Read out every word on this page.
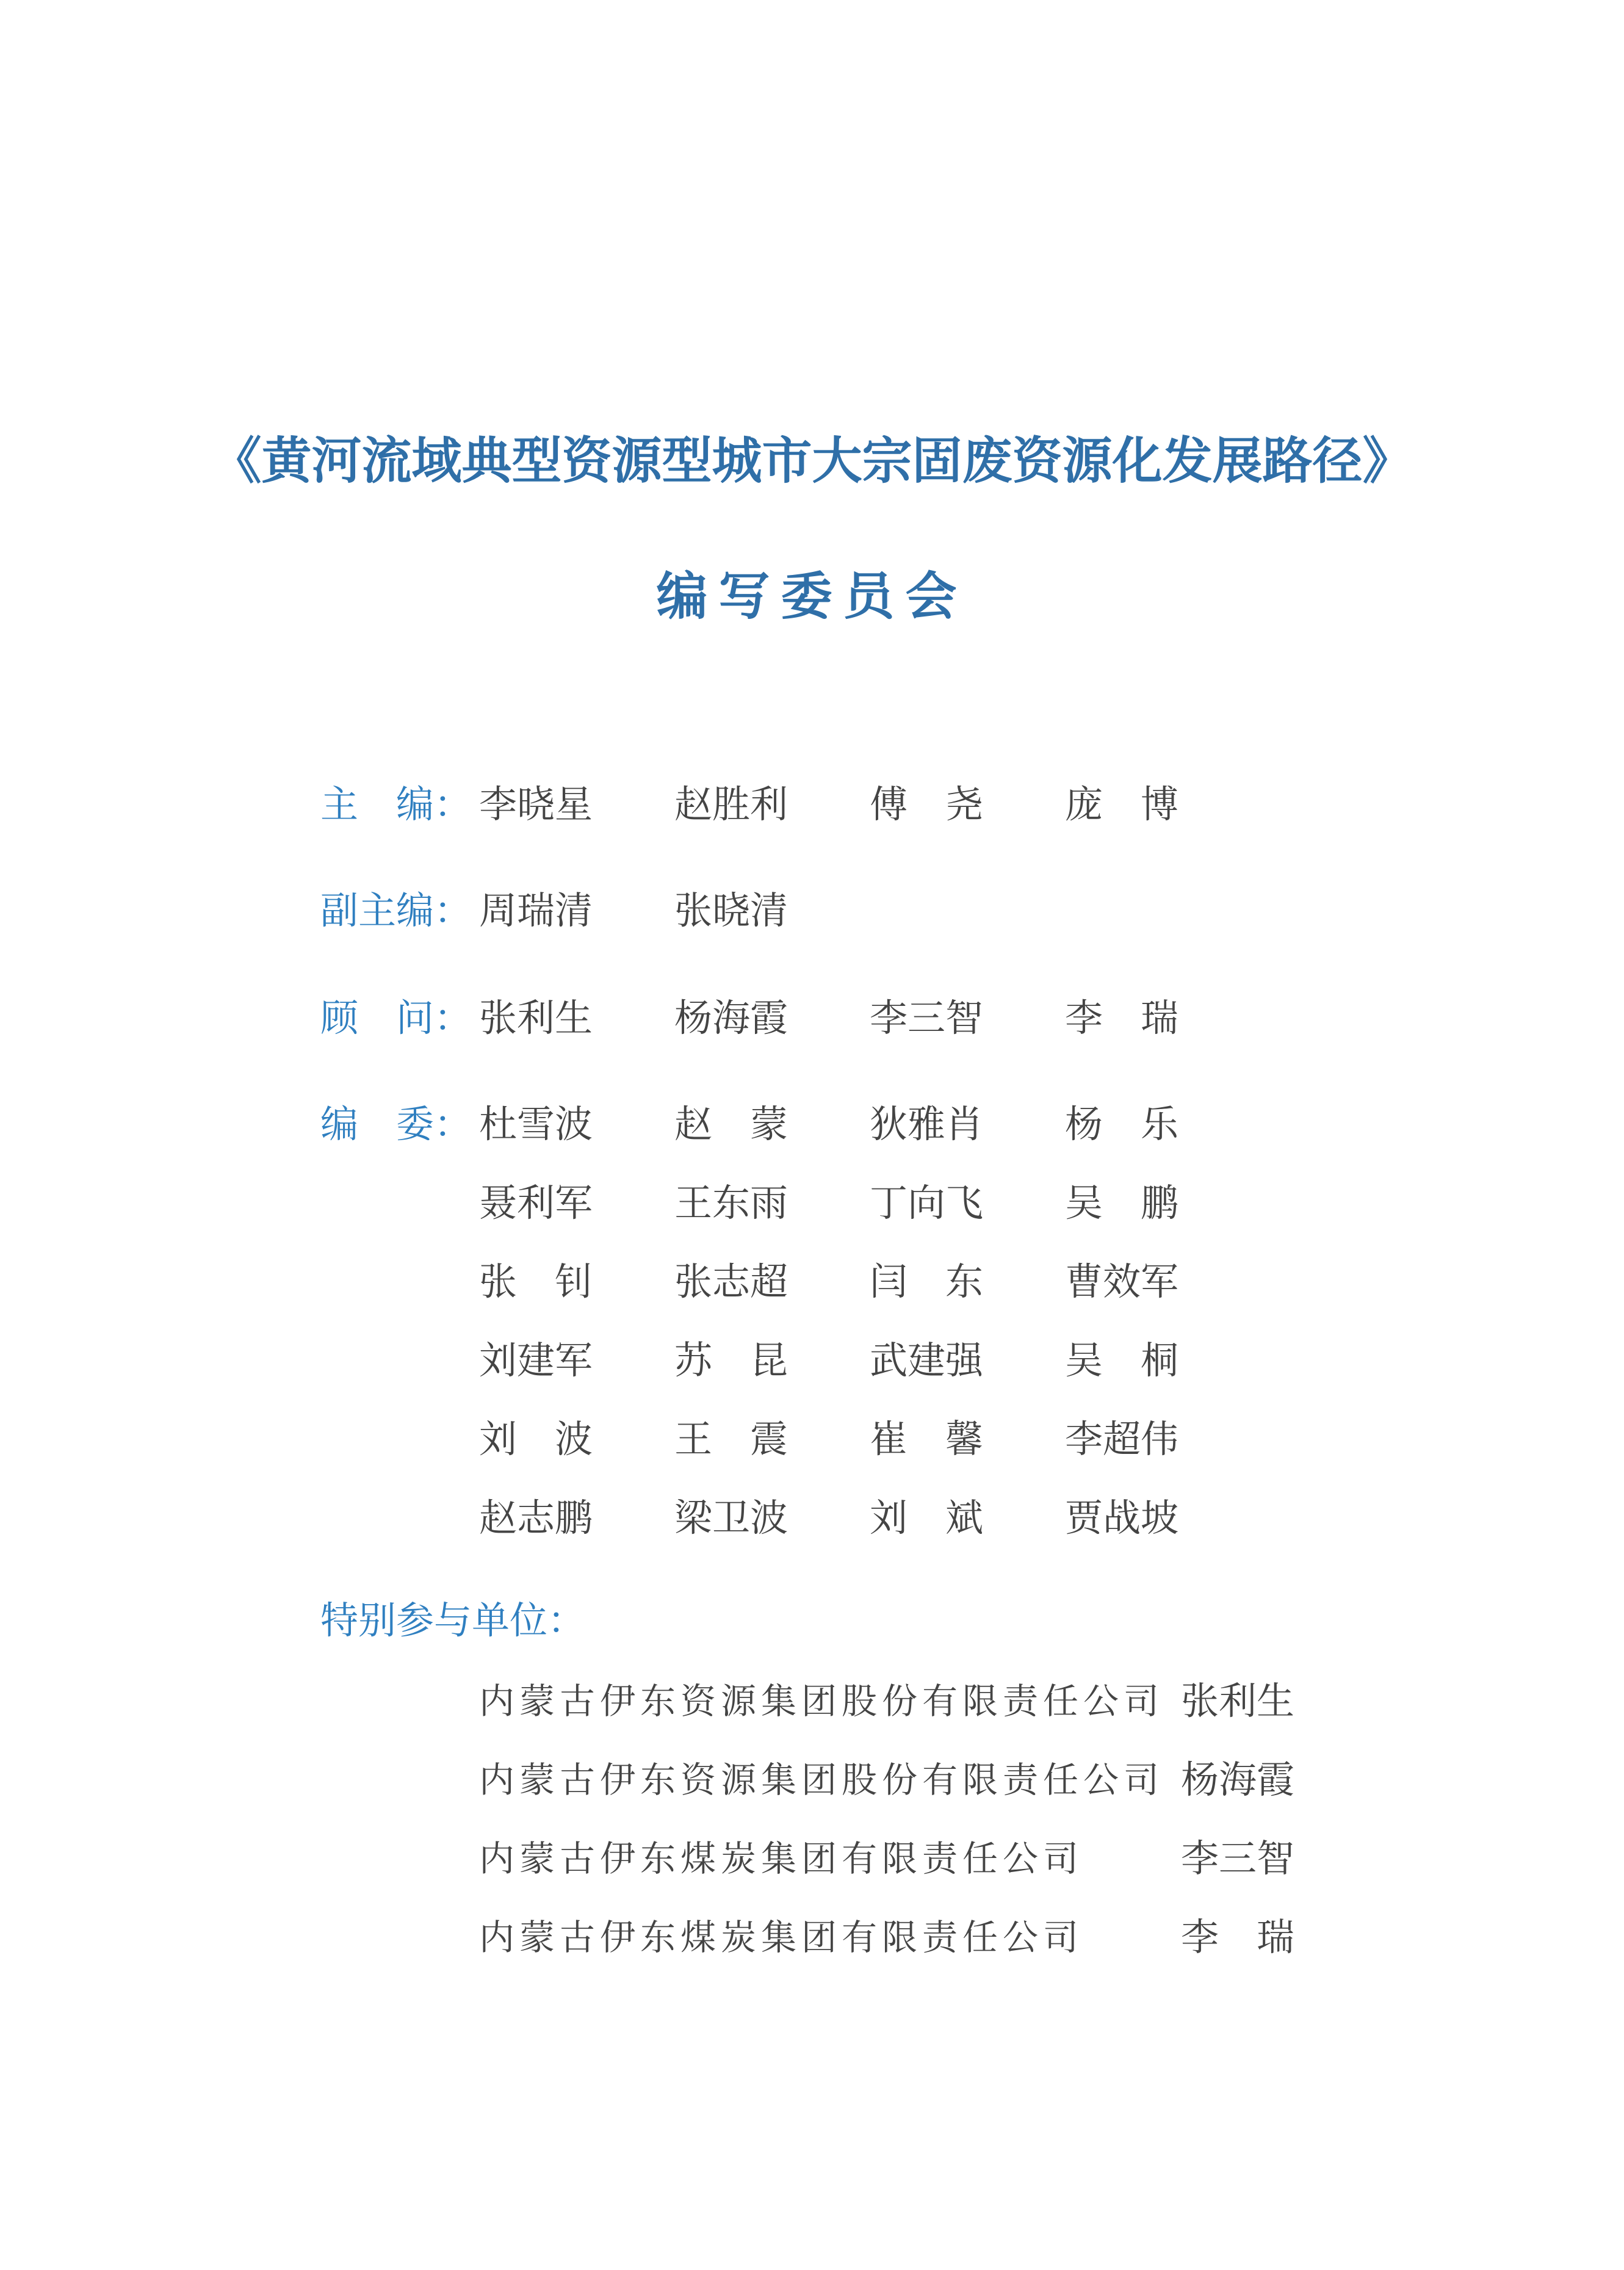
《黄河流域典型资源型城市大宗固废资源化发展路径》
编写委员会
主　编： 李晓星 赵胜利 傅　尧 庞　博
副主编： 周瑞清 张晓清
顾　问： 张利生 杨海霞 李三智 李　瑞
编　委： 杜雪波 赵　蒙 狄雅肖 杨　乐
聂利军 王东雨 丁向飞 吴　鹏
张　钊 张志超 闫　东 曹效军
刘建军 苏　昆 武建强 吴　桐
刘　波 王　震 崔　馨 李超伟
赵志鹏 梁卫波 刘　斌 贾战坡
特别参与单位：
内蒙古伊东资源集团股份有限责任公司 张利生
内蒙古伊东资源集团股份有限责任公司 杨海霞
内蒙古伊东煤炭集团有限责任公司	李三智
内蒙古伊东煤炭集团有限责任公司	李　瑞
